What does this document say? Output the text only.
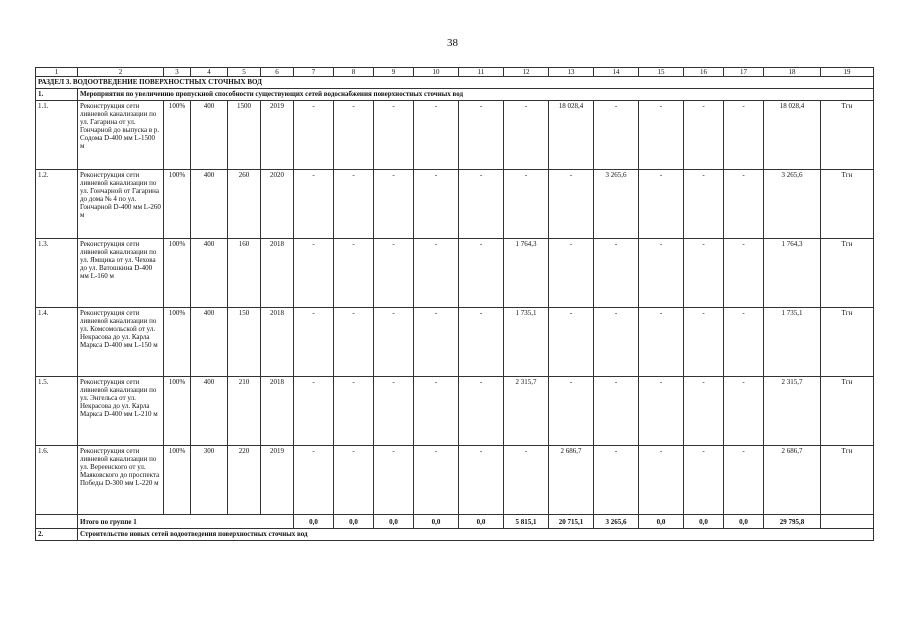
38
1	2	3	4	5	6	7	8	9	10	11	12	13	14	15	16	17	18	19
РАЗДЕЛ 3. ВОДООТВЕДЕНИЕ ПОВЕРХНОСТНЫХ СТОЧНЫХ ВОД																		
1.	Мероприятия по увеличению пропускной способности существующих сетей водоснабжения поверхностных сточных вод																	
1.1.	Реконструкция сети ливневой канализации по ул. Гагарина от ул. Гончарной до выпуска в р. Содома D-400 мм L-1500 м	100%	400	1500	2019	-	-	-	-	-	-	18 028,4	-	-	-	-	18 028,4	Тгн
1.2.	Реконструкция сети ливневой канализации по ул. Гончарной от Гагарина до дома № 4 по ул. Гончарной D-400 мм L-260 м	100%	400	260	2020	-	-	-	-	-	-	-	3 265,6	-	-	-	3 265,6	Тгн
1.3.	Реконструкция сети ливневой канализации по ул. Ямщика от ул. Чехова до ул. Ватошкина D-400 мм L-160 м	100%	400	160	2018	-	-	-	-	-	1 764,3	-	-	-	-	-	1 764,3	Тгн
1.4.	Реконструкция сети ливневой канализации по ул. Комсомольской от ул. Некрасова до ул. Карла Маркса D-400 мм L-150 м	100%	400	150	2018	-	-	-	-	-	1 735,1	-	-	-	-	-	1 735,1	Тгн
1.5.	Реконструкция сети ливневой канализации по ул. Энгельса от ул. Некрасова до ул. Карла Маркса D-400 мм L-210 м	100%	400	210	2018	-	-	-	-	-	2 315,7	-	-	-	-	-	2 315,7	Тгн
1.6.	Реконструкция сети ливневой канализации по ул. Вереенского от ул. Маяковского до проспекта Победы D-300 мм L-220 м	100%	300	220	2019	-	-	-	-	-	-	2 686,7	-	-	-	-	2 686,7	Тгн
	Итого по группе 1					0,0	0,0	0,0	0,0	0,0	5 815,1	20 715,1	3 265,6	0,0	0,0	0,0	29 795,8	
2.	Строительство новых сетей водоотведения поверхностных сточных вод																	
